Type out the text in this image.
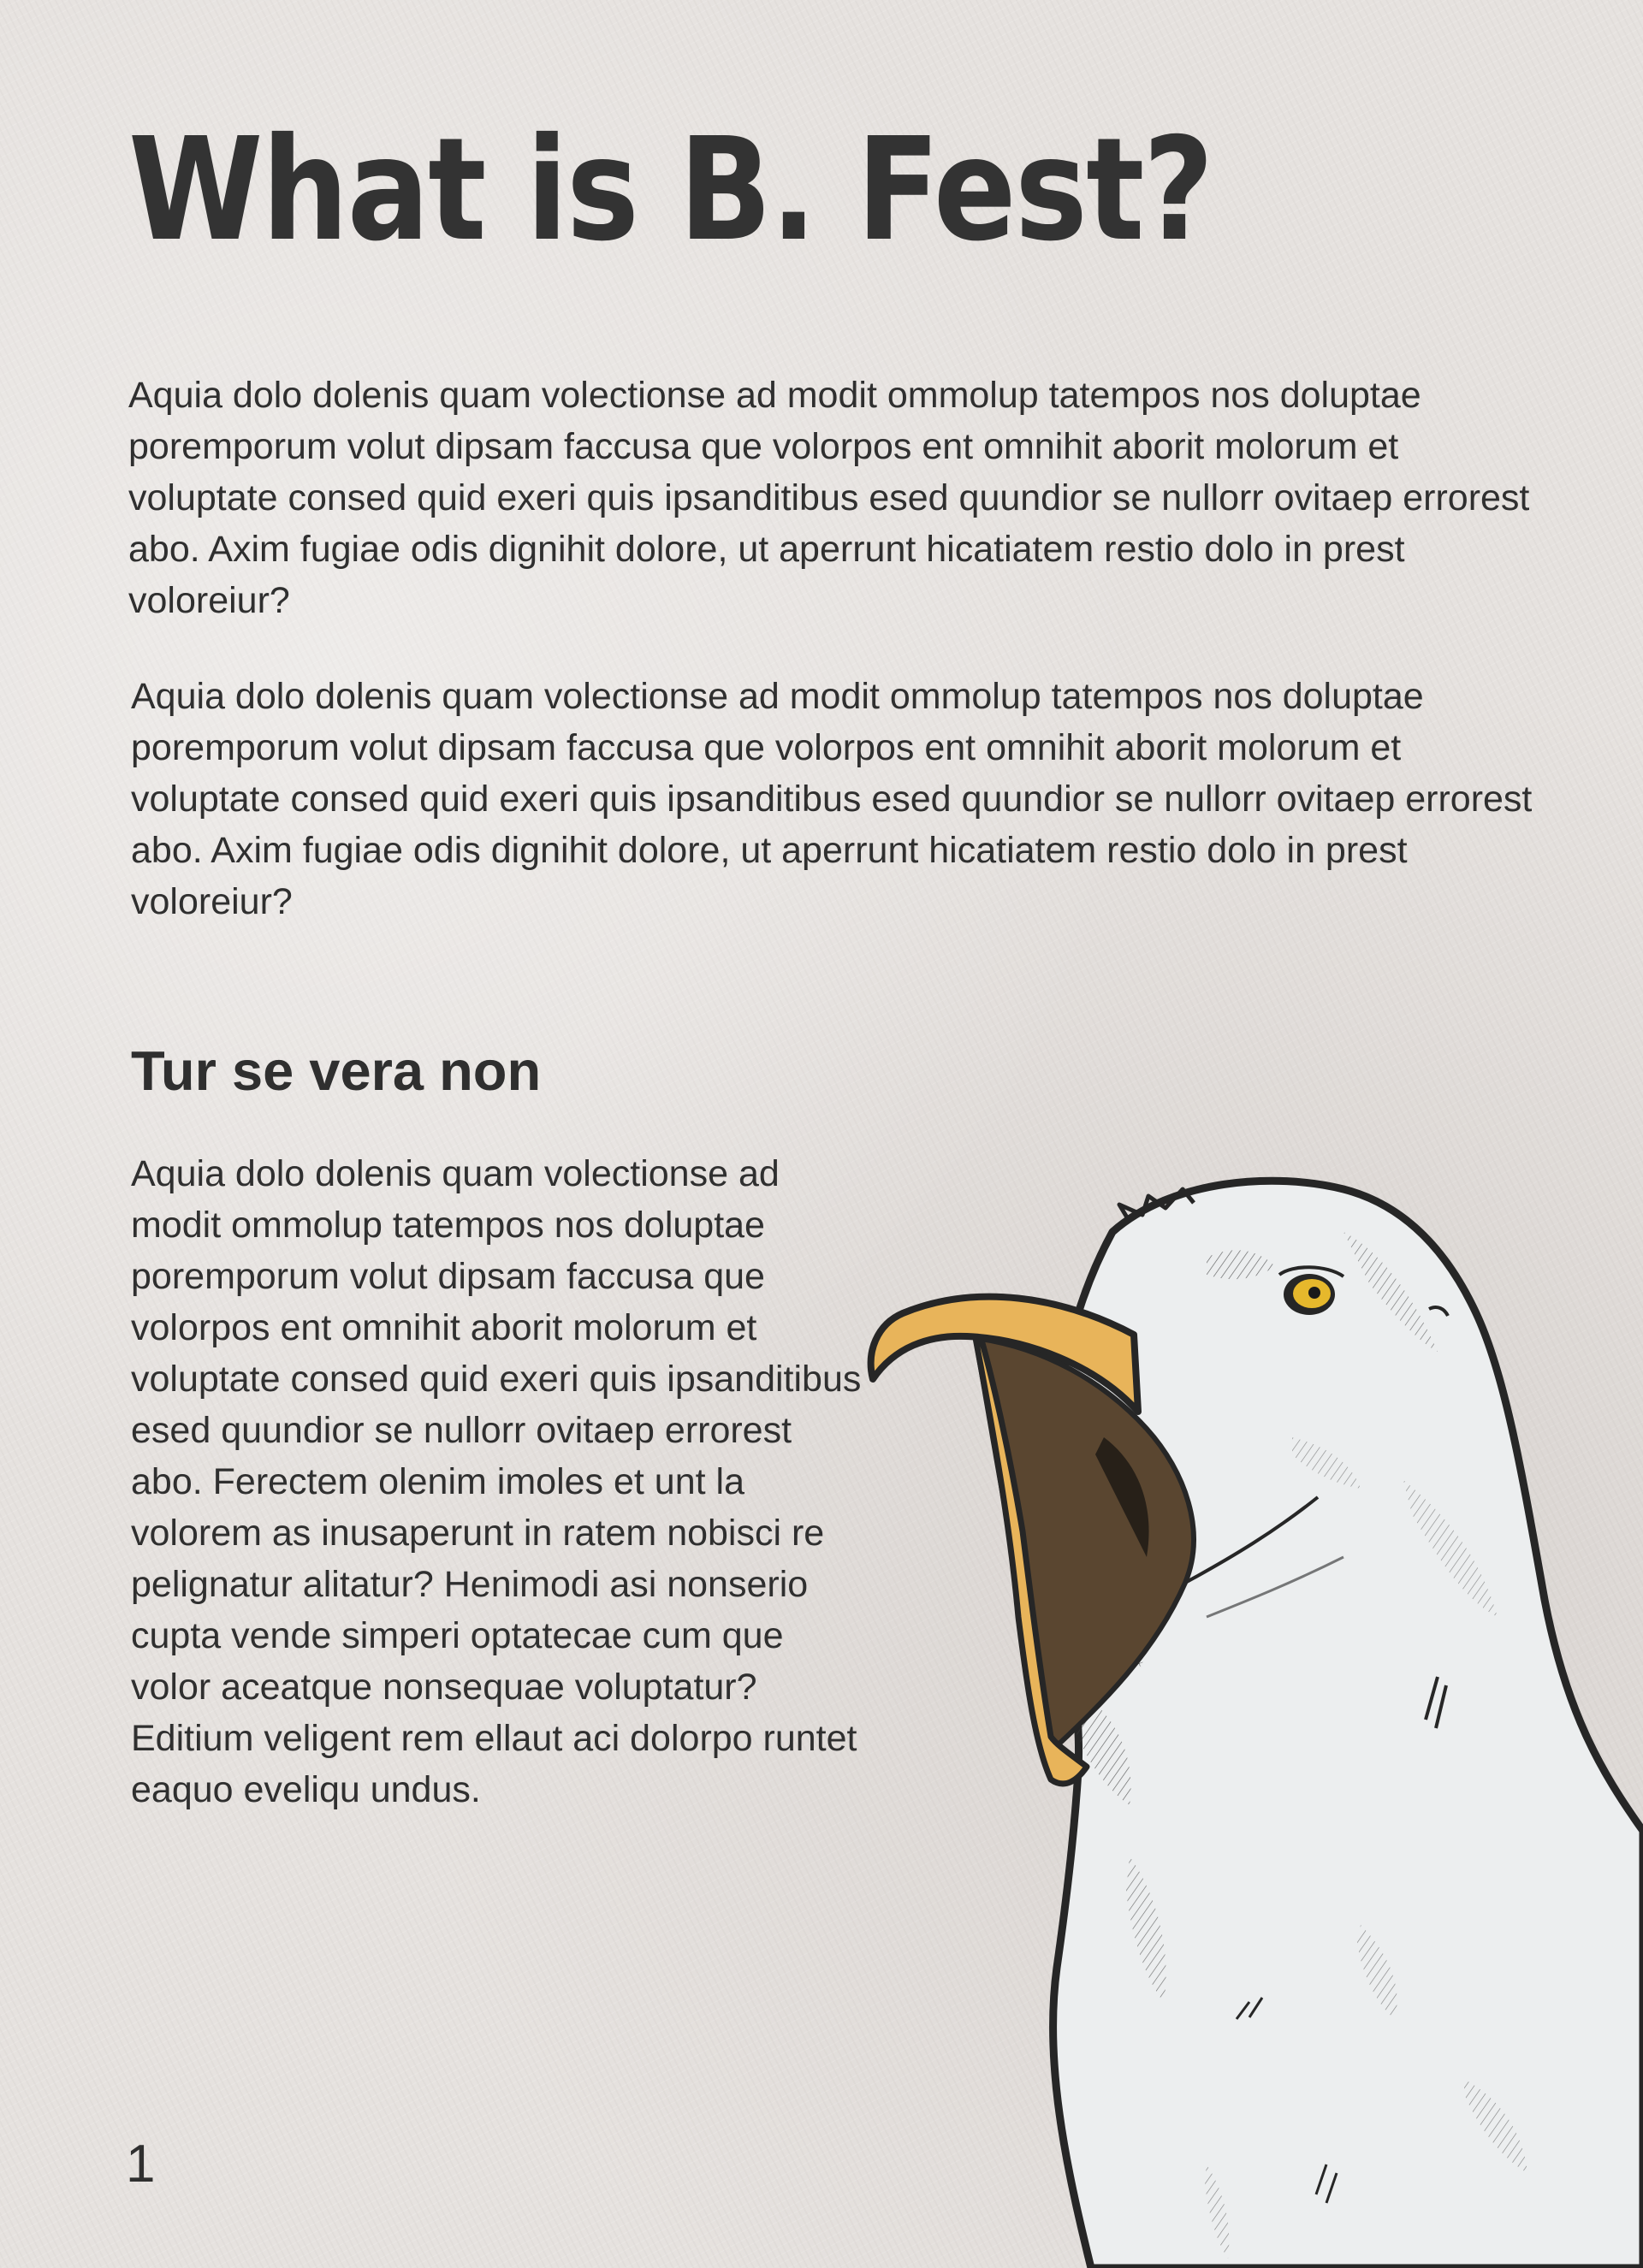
What is B. Fest?

Aquia dolo dolenis quam volectionse ad modit ommolup tatempos nos doluptae poremporum volut dipsam faccusa que volorpos ent omnihit aborit molorum et voluptate consed quid exeri quis ipsanditibus esed quundior se nullorr ovitaep errorest abo. Axim fugiae odis dignihit dolore, ut aperrunt hicatiatem restio dolo in prest voloreiur?

Aquia dolo dolenis quam volectionse ad modit ommolup tatempos nos doluptae poremporum volut dipsam faccusa que volorpos ent omnihit aborit molorum et voluptate consed quid exeri quis ipsanditibus esed quundior se nullorr ovitaep errorest abo. Axim fugiae odis dignihit dolore, ut aperrunt hicatiatem restio dolo in prest voloreiur?

Tur se vera non

Aquia dolo dolenis quam volectionse ad modit ommolup tatempos nos doluptae poremporum volut dipsam faccusa que volorpos ent omnihit aborit molorum et voluptate consed quid exeri quis ipsanditibus esed quundior se nullorr ovitaep errorest abo. Ferectem olenim imoles et unt la volorem as inusaperunt in ratem nobisci re pelignatur alitatur? Henimodi asi nonserio cupta vende simperi optatecae cum que volor aceatque nonsequae voluptatur? Editium veligent rem ellaut aci dolorpo runtet eaquo eveliqu undus.

1
